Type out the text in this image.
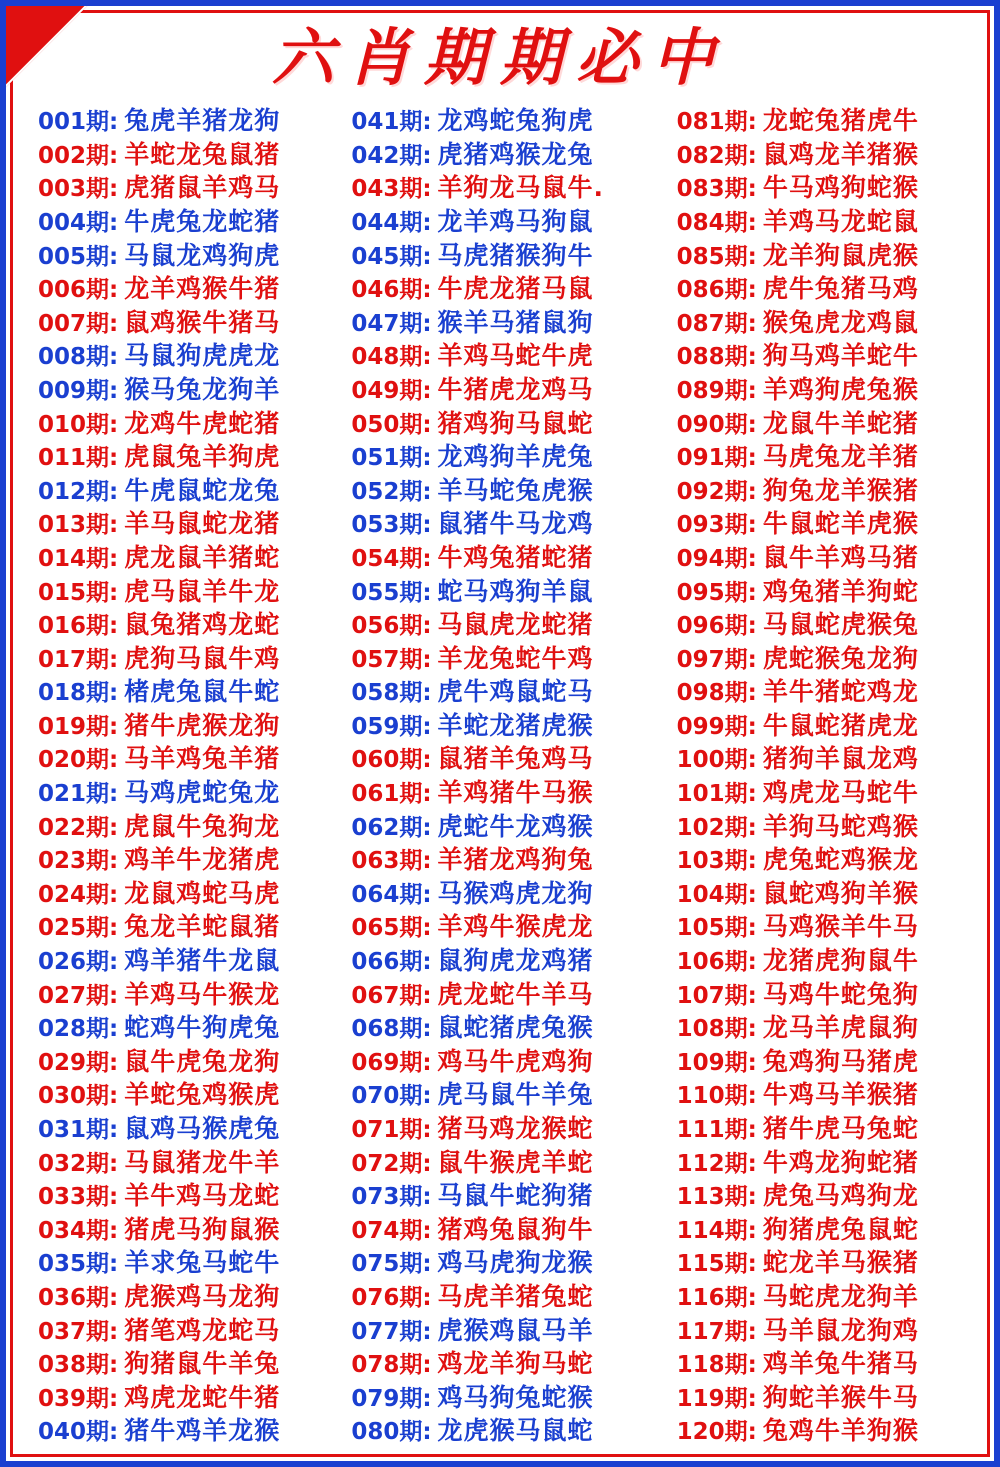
书籍	六肖期期必中
001期: 兔虎羊猪龙狗
002期: 羊蛇龙兔鼠猪
003期: 虎猪鼠羊鸡马
004期: 牛虎兔龙蛇猪
005期: 马鼠龙鸡狗虎
006期: 龙羊鸡猴牛猪
007期: 鼠鸡猴牛猪马
008期: 马鼠狗虎虎龙
009期: 猴马兔龙狗羊
010期: 龙鸡牛虎蛇猪
011期: 虎鼠兔羊狗虎
012期: 牛虎鼠蛇龙兔
013期: 羊马鼠蛇龙猪
014期: 虎龙鼠羊猪蛇
015期: 虎马鼠羊牛龙
016期: 鼠兔猪鸡龙蛇
017期: 虎狗马鼠牛鸡
018期: 楮虎兔鼠牛蛇
019期: 猪牛虎猴龙狗
020期: 马羊鸡兔羊猪
021期: 马鸡虎蛇兔龙
022期: 虎鼠牛兔狗龙
023期: 鸡羊牛龙猪虎
024期: 龙鼠鸡蛇马虎
025期: 兔龙羊蛇鼠猪
026期: 鸡羊猪牛龙鼠
027期: 羊鸡马牛猴龙
028期: 蛇鸡牛狗虎兔
029期: 鼠牛虎兔龙狗
030期: 羊蛇兔鸡猴虎
031期: 鼠鸡马猴虎兔
032期: 马鼠猪龙牛羊
033期: 羊牛鸡马龙蛇
034期: 猪虎马狗鼠猴
035期: 羊求兔马蛇牛
036期: 虎猴鸡马龙狗
037期: 猪笔鸡龙蛇马
038期: 狗猪鼠牛羊兔
039期: 鸡虎龙蛇牛猪
040期: 猪牛鸡羊龙猴
041期: 龙鸡蛇兔狗虎
042期: 虎猪鸡猴龙兔
043期: 羊狗龙马鼠牛.
044期: 龙羊鸡马狗鼠
045期: 马虎猪猴狗牛
046期: 牛虎龙猪马鼠
047期: 猴羊马猪鼠狗
048期: 羊鸡马蛇牛虎
049期: 牛猪虎龙鸡马
050期: 猪鸡狗马鼠蛇
051期: 龙鸡狗羊虎兔
052期: 羊马蛇兔虎猴
053期: 鼠猪牛马龙鸡
054期: 牛鸡兔猪蛇猪
055期: 蛇马鸡狗羊鼠
056期: 马鼠虎龙蛇猪
057期: 羊龙兔蛇牛鸡
058期: 虎牛鸡鼠蛇马
059期: 羊蛇龙猪虎猴
060期: 鼠猪羊兔鸡马
061期: 羊鸡猪牛马猴
062期: 虎蛇牛龙鸡猴
063期: 羊猪龙鸡狗兔
064期: 马猴鸡虎龙狗
065期: 羊鸡牛猴虎龙
066期: 鼠狗虎龙鸡猪
067期: 虎龙蛇牛羊马
068期: 鼠蛇猪虎兔猴
069期: 鸡马牛虎鸡狗
070期: 虎马鼠牛羊兔
071期: 猪马鸡龙猴蛇
072期: 鼠牛猴虎羊蛇
073期: 马鼠牛蛇狗猪
074期: 猪鸡兔鼠狗牛
075期: 鸡马虎狗龙猴
076期: 马虎羊猪兔蛇
077期: 虎猴鸡鼠马羊
078期: 鸡龙羊狗马蛇
079期: 鸡马狗兔蛇猴
080期: 龙虎猴马鼠蛇
081期: 龙蛇兔猪虎牛
082期: 鼠鸡龙羊猪猴
083期: 牛马鸡狗蛇猴
084期: 羊鸡马龙蛇鼠
085期: 龙羊狗鼠虎猴
086期: 虎牛兔猪马鸡
087期: 猴兔虎龙鸡鼠
088期: 狗马鸡羊蛇牛
089期: 羊鸡狗虎兔猴
090期: 龙鼠牛羊蛇猪
091期: 马虎兔龙羊猪
092期: 狗兔龙羊猴猪
093期: 牛鼠蛇羊虎猴
094期: 鼠牛羊鸡马猪
095期: 鸡兔猪羊狗蛇
096期: 马鼠蛇虎猴兔
097期: 虎蛇猴兔龙狗
098期: 羊牛猪蛇鸡龙
099期: 牛鼠蛇猪虎龙
100期: 猪狗羊鼠龙鸡
101期: 鸡虎龙马蛇牛
102期: 羊狗马蛇鸡猴
103期: 虎兔蛇鸡猴龙
104期: 鼠蛇鸡狗羊猴
105期: 马鸡猴羊牛马
106期: 龙猪虎狗鼠牛
107期: 马鸡牛蛇兔狗
108期: 龙马羊虎鼠狗
109期: 兔鸡狗马猪虎
110期: 牛鸡马羊猴猪
111期: 猪牛虎马兔蛇
112期: 牛鸡龙狗蛇猪
113期: 虎兔马鸡狗龙
114期: 狗猪虎兔鼠蛇
115期: 蛇龙羊马猴猪
116期: 马蛇虎龙狗羊
117期: 马羊鼠龙狗鸡
118期: 鸡羊兔牛猪马
119期: 狗蛇羊猴牛马
120期: 兔鸡牛羊狗猴
